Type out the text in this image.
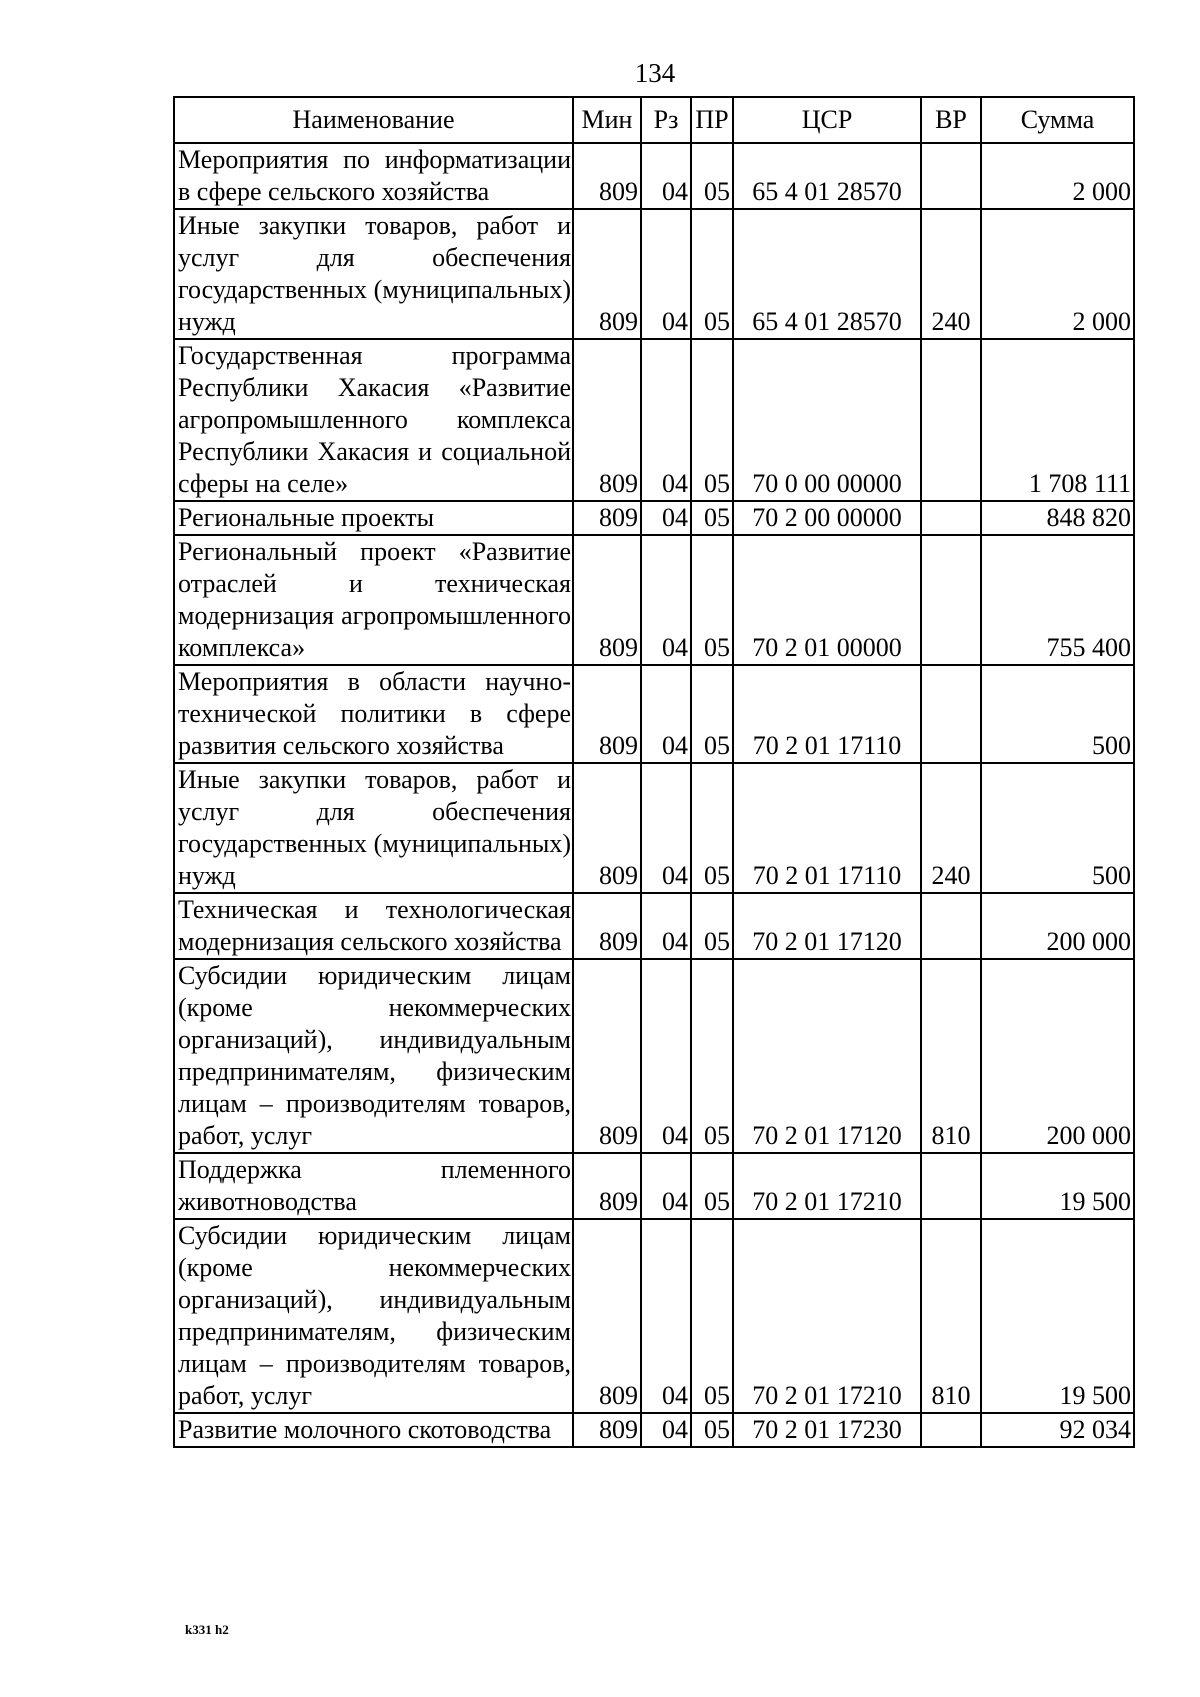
134
Наименование	Мин	Рз	ПР	ЦСР	ВР	Сумма
Мероприятия по информатизации в сфере сельского хозяйства	809	04	05	65 4 01 28570		2 000
Иные закупки товаров, работ и услуг для обеспечения государственных (муниципальных) нужд	809	04	05	65 4 01 28570	240	2 000
Государственная программа Республики Хакасия «Развитие агропромышленного комплекса Республики Хакасия и социальной сферы на селе»	809	04	05	70 0 00 00000		1 708 111
Региональные проекты	809	04	05	70 2 00 00000		848 820
Региональный проект «Развитие отраслей и техническая модернизация агропромышленного комплекса»	809	04	05	70 2 01 00000		755 400
Мероприятия в области научно-технической политики в сфере развития сельского хозяйства	809	04	05	70 2 01 17110		500
Иные закупки товаров, работ и услуг для обеспечения государственных (муниципальных) нужд	809	04	05	70 2 01 17110	240	500
Техническая и технологическая модернизация сельского хозяйства	809	04	05	70 2 01 17120		200 000
Субсидии юридическим лицам (кроме некоммерческих организаций), индивидуальным предпринимателям, физическим лицам – производителям товаров, работ, услуг	809	04	05	70 2 01 17120	810	200 000
Поддержка племенного животноводства	809	04	05	70 2 01 17210		19 500
Субсидии юридическим лицам (кроме некоммерческих организаций), индивидуальным предпринимателям, физическим лицам – производителям товаров, работ, услуг	809	04	05	70 2 01 17210	810	19 500
Развитие молочного скотоводства	809	04	05	70 2 01 17230		92 034
k331 h2
